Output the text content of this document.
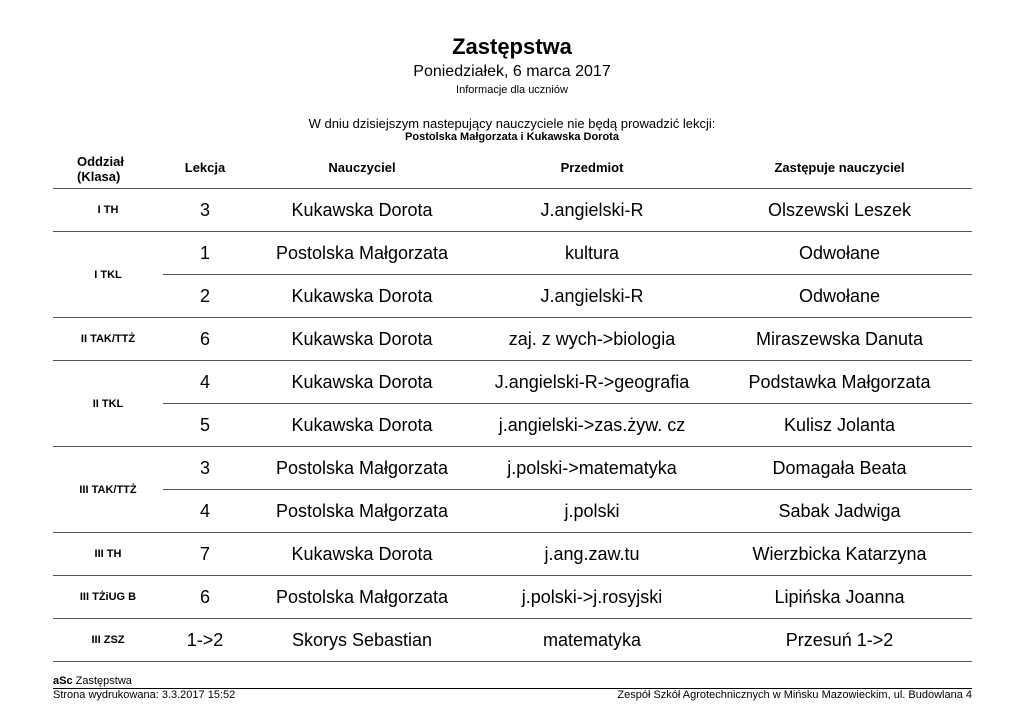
Zastępstwa
Poniedziałek, 6 marca 2017
Informacje dla uczniów
W dniu dzisiejszym nastepujący nauczyciele nie będą prowadzić lekcji:
Postolska Małgorzata i Kukawska Dorota
Oddział
(Klasa)	Lekcja	Nauczyciel	Przedmiot	Zastępuje nauczyciel
I TH	3	Kukawska Dorota	J.angielski-R	Olszewski Leszek
I TKL	1	Postolska Małgorzata	kultura	Odwołane
	2	Kukawska Dorota	J.angielski-R	Odwołane
II TAK/TTŻ	6	Kukawska Dorota	zaj. z wych->biologia	Miraszewska Danuta
II TKL	4	Kukawska Dorota	J.angielski-R->geografia	Podstawka Małgorzata
	5	Kukawska Dorota	j.angielski->zas.żyw. cz	Kulisz Jolanta
III TAK/TTŻ	3	Postolska Małgorzata	j.polski->matematyka	Domagała Beata
	4	Postolska Małgorzata	j.polski	Sabak Jadwiga
III TH	7	Kukawska Dorota	j.ang.zaw.tu	Wierzbicka Katarzyna
III TŻiUG B	6	Postolska Małgorzata	j.polski->j.rosyjski	Lipińska Joanna
III ZSZ	1->2	Skorys Sebastian	matematyka	Przesuń 1->2
aSc Zastępstwa
Strona wydrukowana: 3.3.2017 15:52	Zespół Szkół Agrotechnicznych w Mińsku Mazowieckim, ul. Budowlana 4
